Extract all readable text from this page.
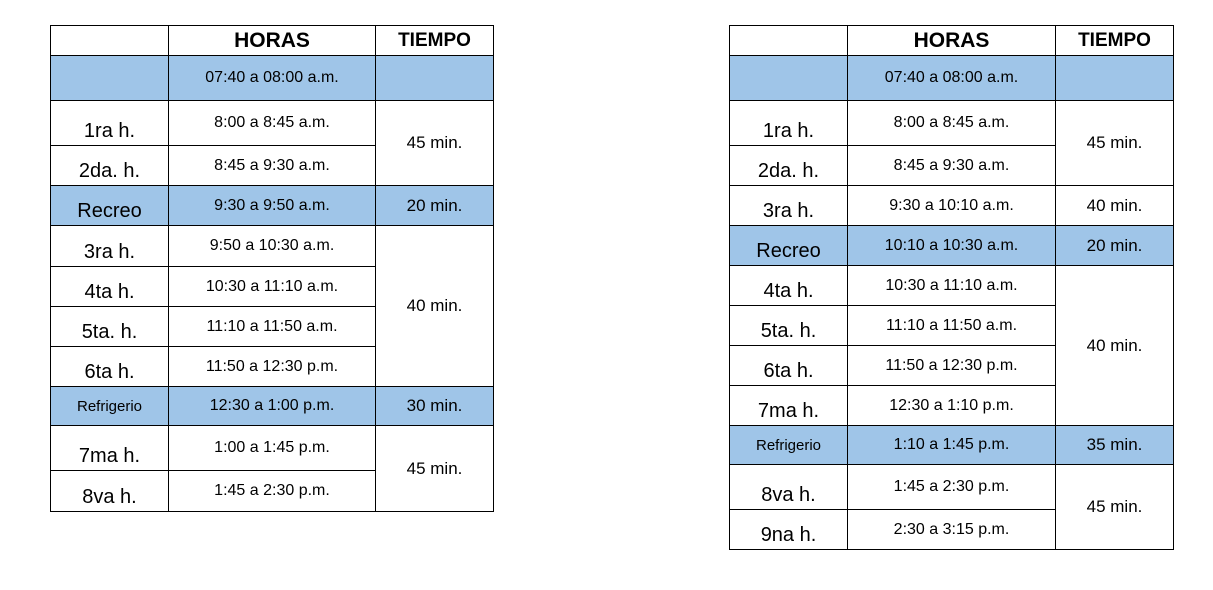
	HORAS	TIEMPO
	07:40 a 08:00 a.m.	
1ra h.	8:00 a 8:45 a.m.	45 min.
2da. h.	8:45 a 9:30 a.m.	
Recreo	9:30 a 9:50 a.m.	20 min.
3ra h.	9:50 a 10:30 a.m.	40 min.
4ta h.	10:30 a 11:10 a.m.	
5ta. h.	11:10 a 11:50 a.m.	
6ta h.	11:50 a 12:30 p.m.	
Refrigerio	12:30 a 1:00 p.m.	30 min.
7ma h.	1:00 a 1:45 p.m.	45 min.
8va h.	1:45 a 2:30 p.m.	
	HORAS	TIEMPO
	07:40 a 08:00 a.m.	
1ra h.	8:00 a 8:45 a.m.	45 min.
2da. h.	8:45 a 9:30 a.m.	
3ra h.	9:30 a 10:10 a.m.	40 min.
Recreo	10:10 a 10:30 a.m.	20 min.
4ta h.	10:30 a 11:10 a.m.	40 min.
5ta. h.	11:10 a 11:50 a.m.	
6ta h.	11:50 a 12:30 p.m.	
7ma h.	12:30 a 1:10 p.m.	
Refrigerio	1:10 a 1:45 p.m.	35 min.
8va h.	1:45 a 2:30 p.m.	45 min.
9na h.	2:30 a 3:15 p.m.	
